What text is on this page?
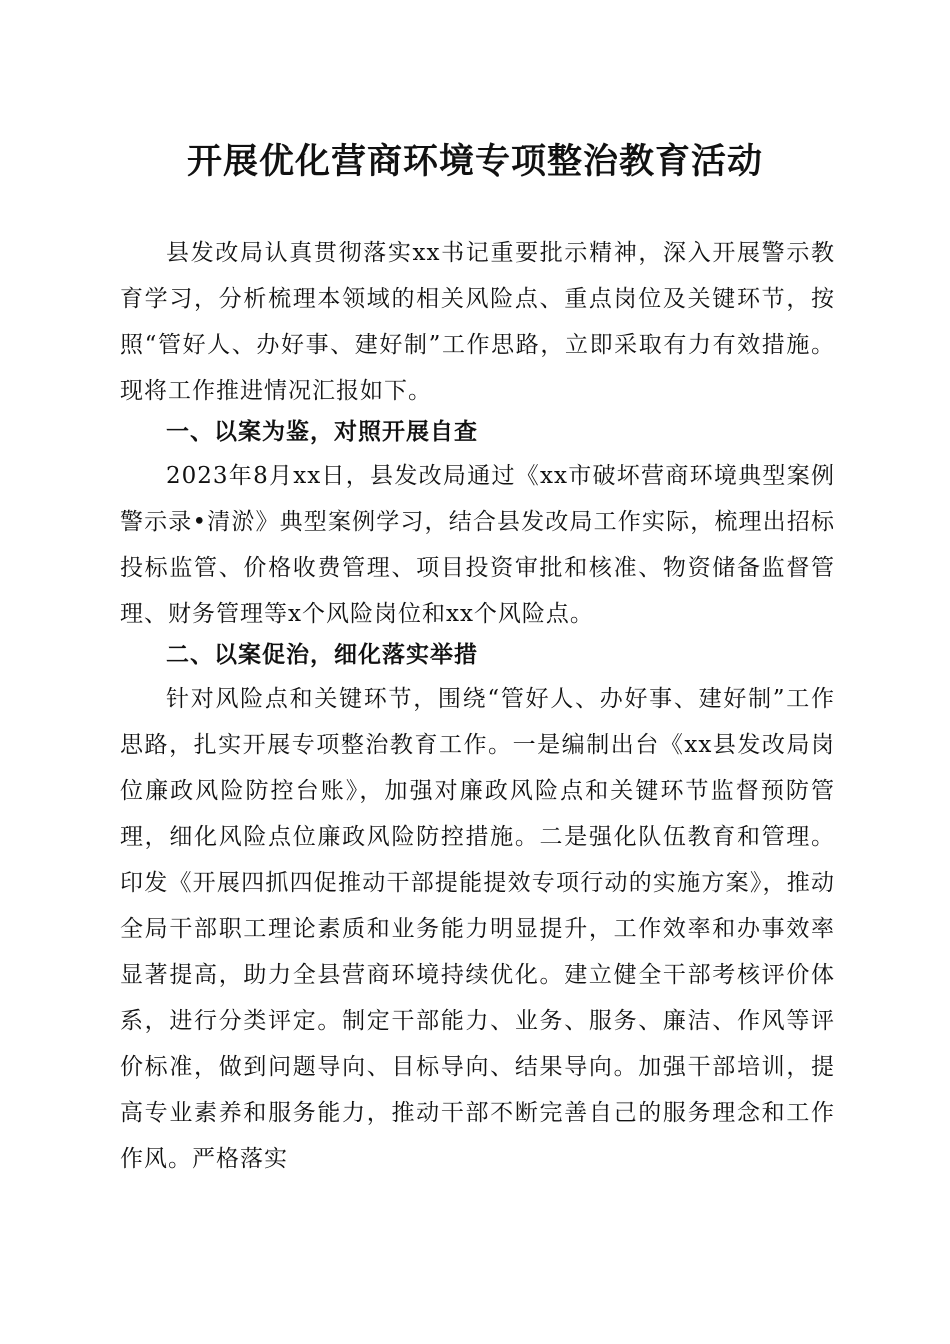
开展优化营商环境专项整治教育活动

县发改局认真贯彻落实xx书记重要批示精神，深入开展警示教育学习，分析梳理本领域的相关风险点、重点岗位及关键环节，按照“管好人、办好事、建好制”工作思路，立即采取有力有效措施。现将工作推进情况汇报如下。

一、以案为鉴，对照开展自查

2023年8月xx日，县发改局通过《xx市破坏营商环境典型案例警示录•清淤》典型案例学习，结合县发改局工作实际，梳理出招标投标监管、价格收费管理、项目投资审批和核准、物资储备监督管理、财务管理等x个风险岗位和xx个风险点。

二、以案促治，细化落实举措

针对风险点和关键环节，围绕“管好人、办好事、建好制”工作思路，扎实开展专项整治教育工作。一是编制出台《xx县发改局岗位廉政风险防控台账》，加强对廉政风险点和关键环节监督预防管理，细化风险点位廉政风险防控措施。二是强化队伍教育和管理。印发《开展四抓四促推动干部提能提效专项行动的实施方案》，推动全局干部职工理论素质和业务能力明显提升，工作效率和办事效率显著提高，助力全县营商环境持续优化。建立健全干部考核评价体系，进行分类评定。制定干部能力、业务、服务、廉洁、作风等评价标准，做到问题导向、目标导向、结果导向。加强干部培训，提高专业素养和服务能力，推动干部不断完善自己的服务理念和工作作风。严格落实
